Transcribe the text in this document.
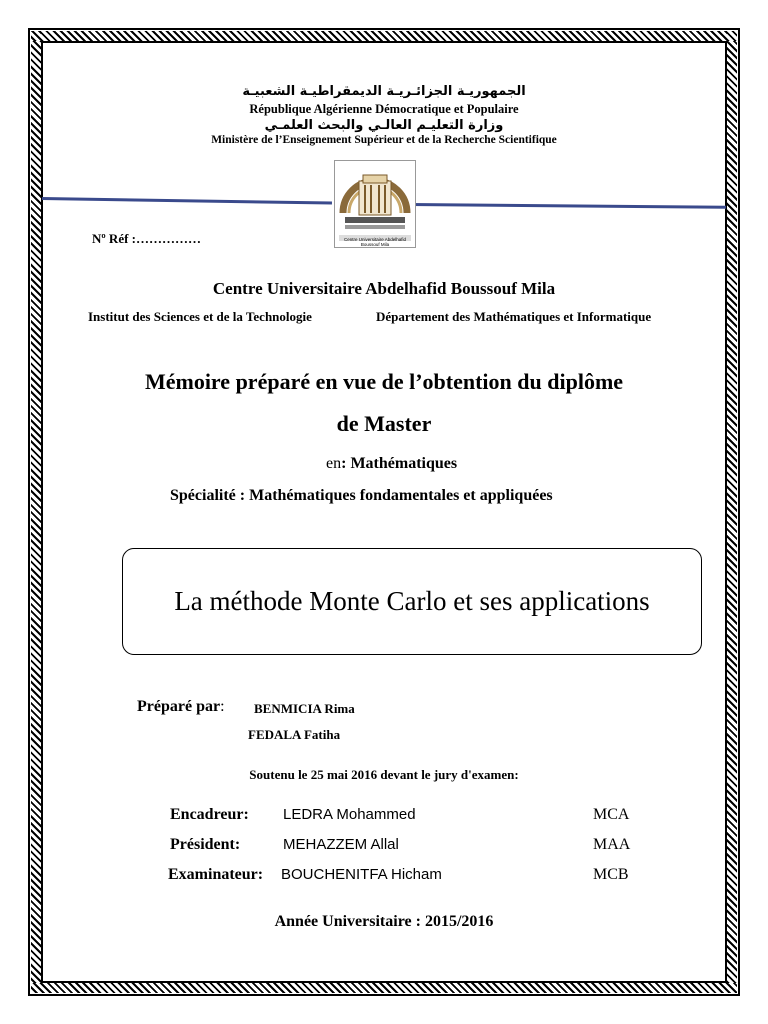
الجمهوريـة الجزائـريـة الديمقراطيـة الشعبيـة
République Algérienne Démocratique et Populaire
وزارة التعليـم العالـي والبحث العلمـي
Ministère de l’Enseignement Supérieur et de la Recherche Scientifique
Centre Universitaire Abdelhafid Boussouf Mila
Nº Réf :……………
Centre Universitaire Abdelhafid Boussouf Mila
Institut des Sciences et de la Technologie	Département des Mathématiques et Informatique
Mémoire préparé en vue de l’obtention du diplôme
de Master
en: Mathématiques
Spécialité : Mathématiques fondamentales et appliquées
La méthode Monte Carlo et ses applications
Préparé par: BENMICIA Rima
FEDALA Fatiha
Soutenu le 25 mai 2016 devant le jury d'examen:
Encadreur: LEDRA Mohammed	MCA
Président:	MEHAZZEM Allal	MAA
Examinateur: BOUCHENITFA Hicham	MCB
Année Universitaire : 2015/2016
